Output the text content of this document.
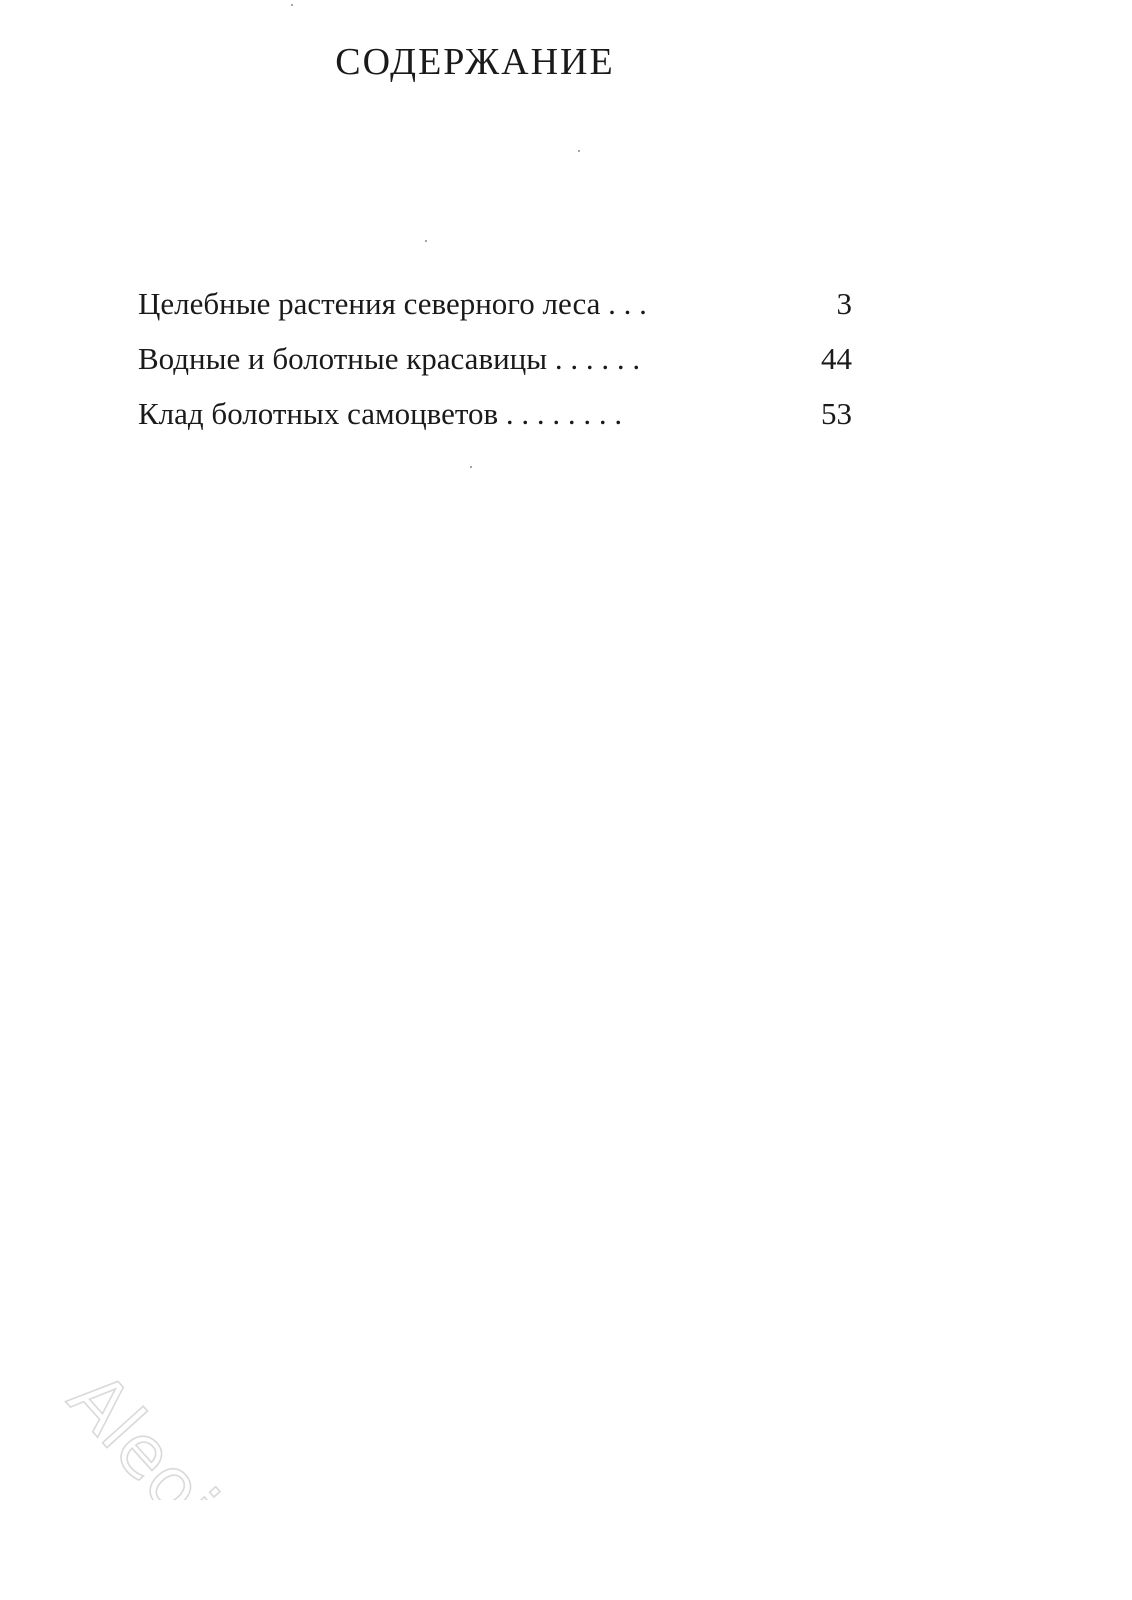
СОДЕРЖАНИЕ
Целебные растения северного леса . . .	3
Водные и болотные красавицы . . . . . .	44
Клад болотных самоцветов . . . . . . . .	53
Aleoi
